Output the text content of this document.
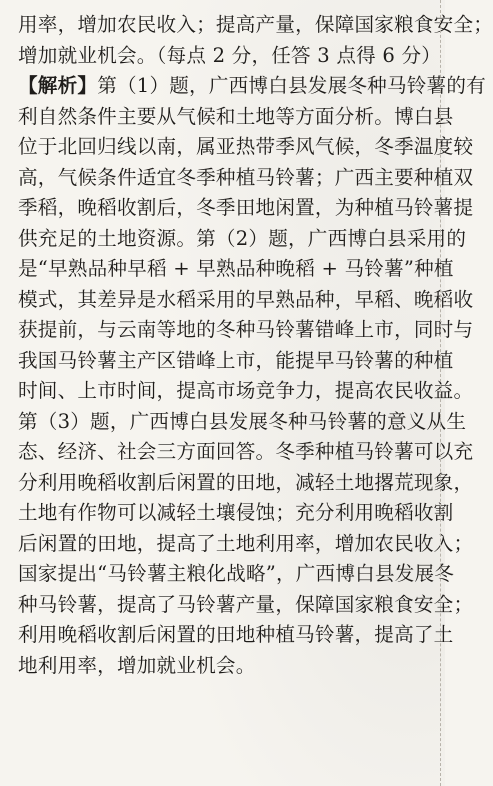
用率，增加农民收入；提高产量，保障国家粮食安全；
增加就业机会。（每点 2 分，任答 3 点得 6 分）
【解析】第（1）题，广西博白县发展冬种马铃薯的有
利自然条件主要从气候和土地等方面分析。博白县
位于北回归线以南，属亚热带季风气候，冬季温度较
高，气候条件适宜冬季种植马铃薯；广西主要种植双
季稻，晚稻收割后，冬季田地闲置，为种植马铃薯提
供充足的土地资源。第（2）题，广西博白县采用的
是“早熟品种早稻 + 早熟品种晚稻 + 马铃薯”种植
模式，其差异是水稻采用的早熟品种，早稻、晚稻收
获提前，与云南等地的冬种马铃薯错峰上市，同时与
我国马铃薯主产区错峰上市，能提早马铃薯的种植
时间、上市时间，提高市场竞争力，提高农民收益。
第（3）题，广西博白县发展冬种马铃薯的意义从生
态、经济、社会三方面回答。冬季种植马铃薯可以充
分利用晚稻收割后闲置的田地，减轻土地撂荒现象，
土地有作物可以减轻土壤侵蚀；充分利用晚稻收割
后闲置的田地，提高了土地利用率，增加农民收入；
国家提出“马铃薯主粮化战略”，广西博白县发展冬
种马铃薯，提高了马铃薯产量，保障国家粮食安全；
利用晚稻收割后闲置的田地种植马铃薯，提高了土
地利用率，增加就业机会。
